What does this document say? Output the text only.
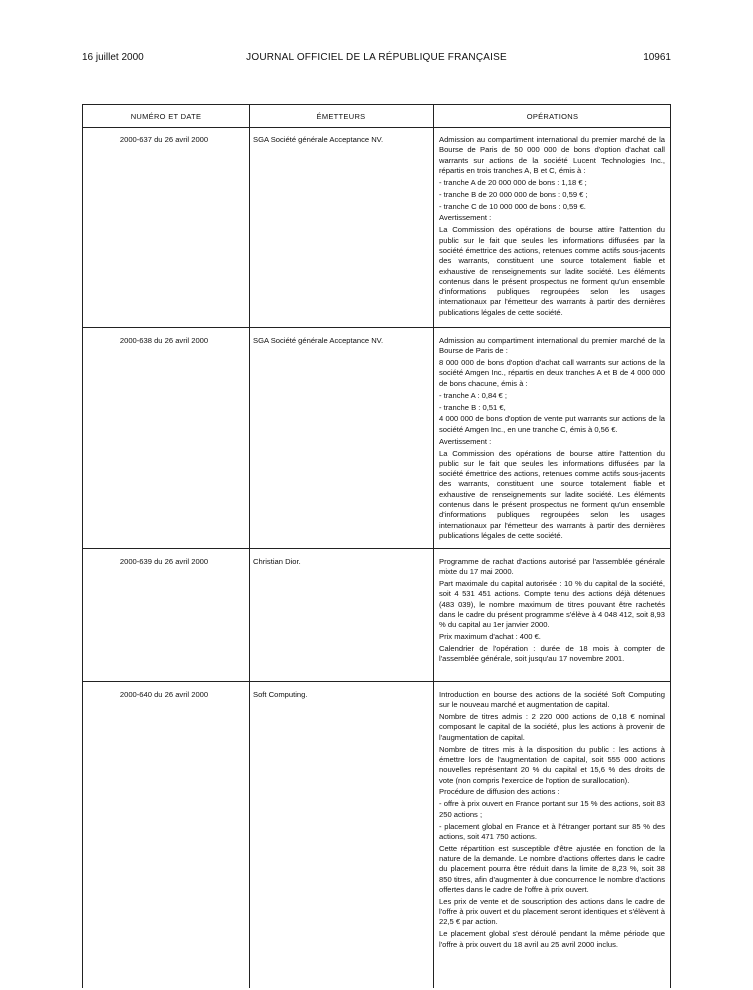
16 juillet 2000	JOURNAL OFFICIEL DE LA RÉPUBLIQUE FRANÇAISE	10961
NUMÉRO ET DATE	ÉMETTEURS	OPÉRATIONS
2000-637 du 26 avril 2000	SGA Société générale Acceptance NV.	Admission au compartiment international du premier marché de la Bourse de Paris de 50 000 000 de bons d'option d'achat call warrants sur actions de la société Lucent Technologies Inc., répartis en trois tranches A, B et C, émis à :

- tranche A de 20 000 000 de bons : 1,18 € ;

- tranche B de 20 000 000 de bons : 0,59 € ;

- tranche C de 10 000 000 de bons : 0,59 €.

Avertissement :

La Commission des opérations de bourse attire l'attention du public sur le fait que seules les informations diffusées par la société émettrice des actions, retenues comme actifs sous-jacents des warrants, constituent une source totalement fiable et exhaustive de renseignements sur ladite société. Les éléments contenus dans le présent prospectus ne forment qu'un ensemble d'informations publiques regroupées selon les usages internationaux par l'émetteur des warrants à partir des dernières publications légales de cette société.

2000-638 du 26 avril 2000	SGA Société générale Acceptance NV.	Admission au compartiment international du premier marché de la Bourse de Paris de :

8 000 000 de bons d'option d'achat call warrants sur actions de la société Amgen Inc., répartis en deux tranches A et B de 4 000 000 de bons chacune, émis à :

- tranche A : 0,84 € ;

- tranche B : 0,51 €,

4 000 000 de bons d'option de vente put warrants sur actions de la société Amgen Inc., en une tranche C, émis à 0,56 €.

Avertissement :

La Commission des opérations de bourse attire l'attention du public sur le fait que seules les informations diffusées par la société émettrice des actions, retenues comme actifs sous-jacents des warrants, constituent une source totalement fiable et exhaustive de renseignements sur ladite société. Les éléments contenus dans le présent prospectus ne forment qu'un ensemble d'informations publiques regroupées selon les usages internationaux par l'émetteur des warrants à partir des dernières publications légales de cette société.

2000-639 du 26 avril 2000	Christian Dior.	Programme de rachat d'actions autorisé par l'assemblée générale mixte du 17 mai 2000.

Part maximale du capital autorisée : 10 % du capital de la société, soit 4 531 451 actions. Compte tenu des actions déjà détenues (483 039), le nombre maximum de titres pouvant être rachetés dans le cadre du présent programme s'élève à 4 048 412, soit 8,93 % du capital au 1er janvier 2000.

Prix maximum d'achat : 400 €.

Calendrier de l'opération : durée de 18 mois à compter de l'assemblée générale, soit jusqu'au 17 novembre 2001.

2000-640 du 26 avril 2000	Soft Computing.	Introduction en bourse des actions de la société Soft Computing sur le nouveau marché et augmentation de capital.

Nombre de titres admis : 2 220 000 actions de 0,18 € nominal composant le capital de la société, plus les actions à provenir de l'augmentation de capital.

Nombre de titres mis à la disposition du public : les actions à émettre lors de l'augmentation de capital, soit 555 000 actions nouvelles représentant 20 % du capital et 15,6 % des droits de vote (non compris l'exercice de l'option de surallocation).

Procédure de diffusion des actions :

- offre à prix ouvert en France portant sur 15 % des actions, soit 83 250 actions ;

- placement global en France et à l'étranger portant sur 85 % des actions, soit 471 750 actions.

Cette répartition est susceptible d'être ajustée en fonction de la nature de la demande. Le nombre d'actions offertes dans le cadre du placement pourra être réduit dans la limite de 8,23 %, soit 38 850 titres, afin d'augmenter à due concurrence le nombre d'actions offertes dans le cadre de l'offre à prix ouvert.

Les prix de vente et de souscription des actions dans le cadre de l'offre à prix ouvert et du placement seront identiques et s'élèvent à 22,5 € par action.

Le placement global s'est déroulé pendant la même période que l'offre à prix ouvert du 18 avril au 25 avril 2000 inclus.
